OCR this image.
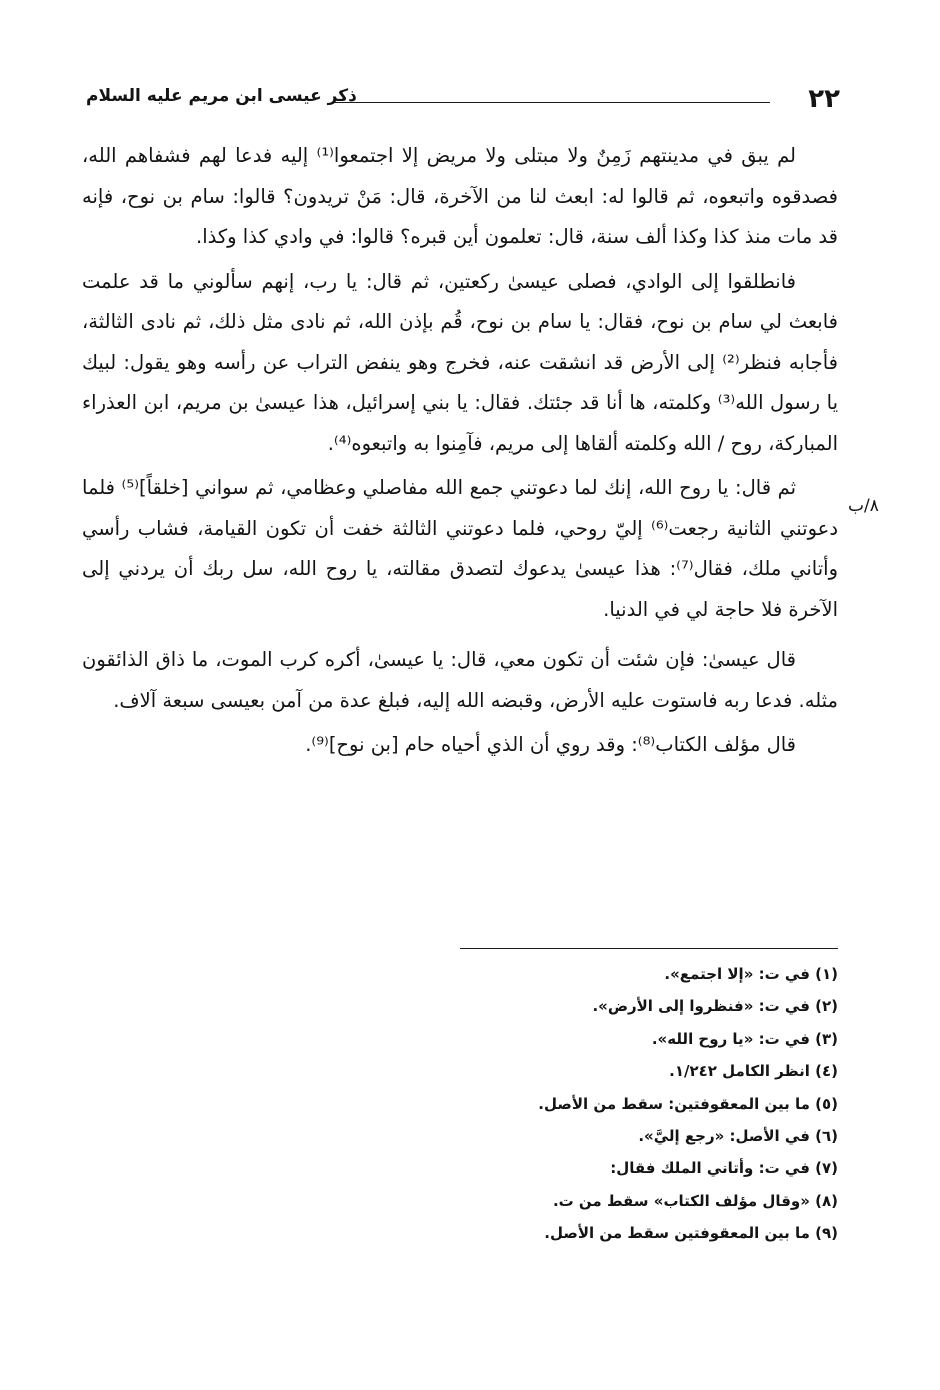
٢٢
ذكر عيسى ابن مريم عليه السلام
٨/ب

لم يبق في مدينتهم زَمِنٌ ولا مبتلى ولا مريض إلا اجتمعوا⁽¹⁾ إليه فدعا لهم فشفاهم الله، فصدقوه واتبعوه، ثم قالوا له: ابعث لنا من الآخرة، قال: مَنْ تريدون؟ قالوا: سام بن نوح، فإنه قد مات منذ كذا وكذا ألف سنة، قال: تعلمون أين قبره؟ قالوا: في وادي كذا وكذا.

فانطلقوا إلى الوادي، فصلى عيسىٰ ركعتين، ثم قال: يا رب، إنهم سألوني ما قد علمت فابعث لي سام بن نوح، فقال: يا سام بن نوح، قُم بإذن الله، ثم نادى مثل ذلك، ثم نادى الثالثة، فأجابه فنظر⁽²⁾ إلى الأرض قد انشقت عنه، فخرج وهو ينفض التراب عن رأسه وهو يقول: لبيك يا رسول الله⁽³⁾ وكلمته، ها أنا قد جئتك. فقال: يا بني إسرائيل، هذا عيسىٰ بن مريم، ابن العذراء المباركة، روح / الله وكلمته ألقاها إلى مريم، فآمِنوا به واتبعوه⁽⁴⁾.

ثم قال: يا روح الله، إنك لما دعوتني جمع الله مفاصلي وعظامي، ثم سواني [خلقاً]⁽⁵⁾ فلما دعوتني الثانية رجعت⁽⁶⁾ إليّ روحي، فلما دعوتني الثالثة خفت أن تكون القيامة، فشاب رأسي وأتاني ملك، فقال⁽⁷⁾: هذا عيسىٰ يدعوك لتصدق مقالته، يا روح الله، سل ربك أن يردني إلى الآخرة فلا حاجة لي في الدنيا.

قال عيسىٰ: فإن شئت أن تكون معي، قال: يا عيسىٰ، أكره كرب الموت، ما ذاق الذائقون مثله. فدعا ربه فاستوت عليه الأرض، وقبضه الله إليه، فبلغ عدة من آمن بعيسى سبعة آلاف.

قال مؤلف الكتاب⁽⁸⁾: وقد روي أن الذي أحياه حام [بن نوح]⁽⁹⁾.

(١) في ت: «إلا اجتمع».
(٢) في ت: «فنظروا إلى الأرض».
(٣) في ت: «يا روح الله».
(٤) انظر الكامل ١/٢٤٢.
(٥) ما بين المعقوفتين: سقط من الأصل.
(٦) في الأصل: «رجع إليَّ».
(٧) في ت: وأتاني الملك فقال:
(٨) «وقال مؤلف الكتاب» سقط من ت.
(٩) ما بين المعقوفتين سقط من الأصل.
